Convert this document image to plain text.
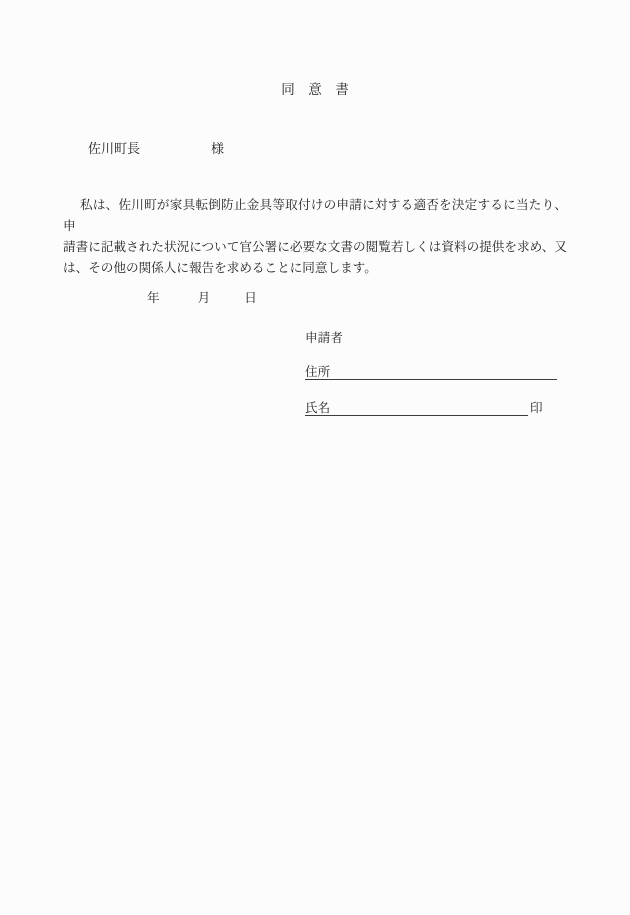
同　意　書
佐川町長	様
私は、佐川町が家具転倒防止金具等取付けの申請に対する適否を決定するに当たり、申
請書に記載された状況について官公署に必要な文書の閲覧若しくは資料の提供を求め、又
は、その他の関係人に報告を求めることに同意します。
年	月	日
申請者
住所
氏名	印
